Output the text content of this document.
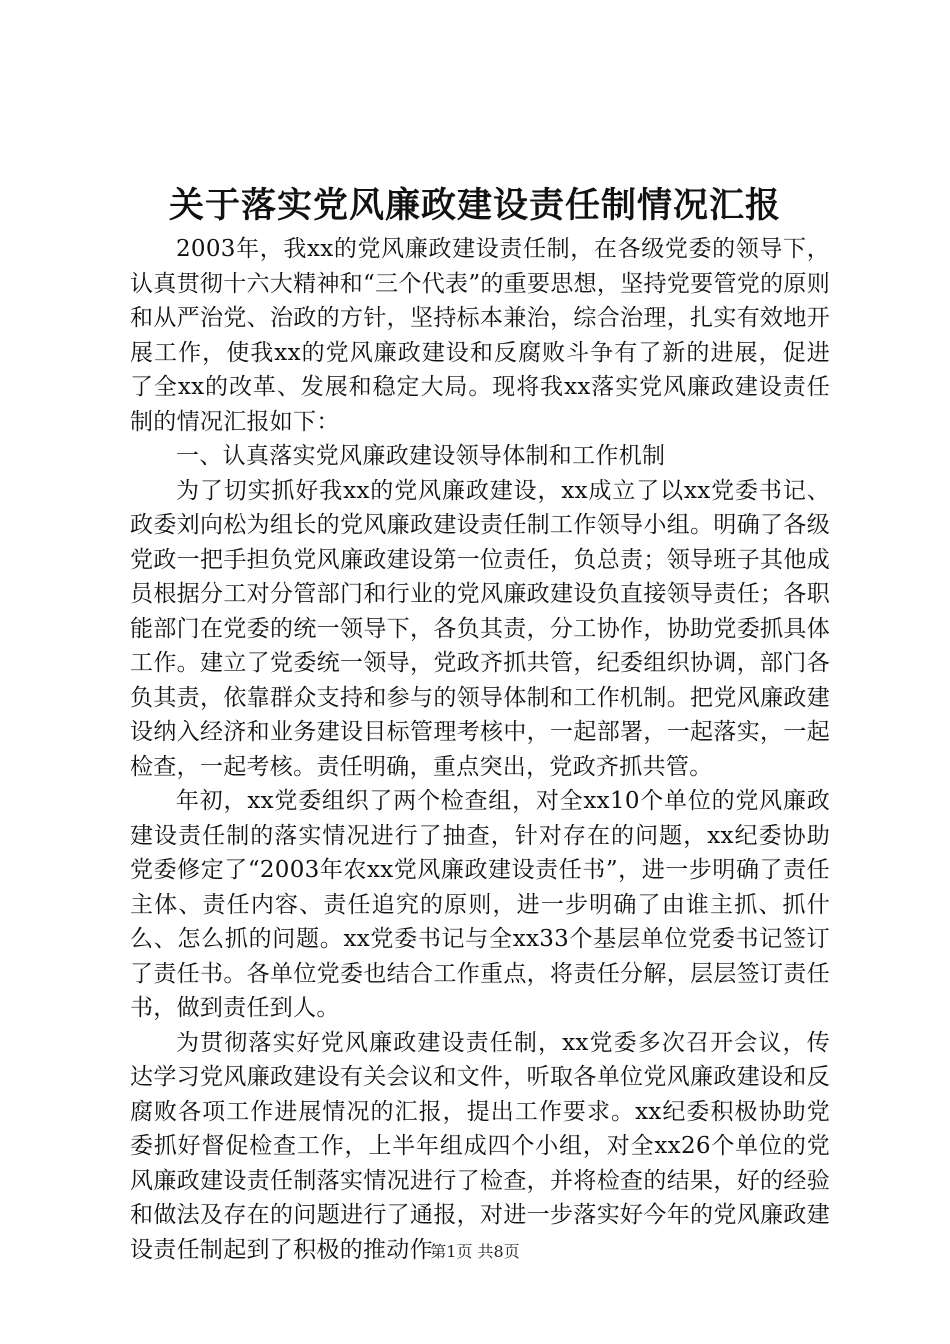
关于落实党风廉政建设责任制情况汇报

2003年，我xx的党风廉政建设责任制，在各级党委的领导下，认真贯彻十六大精神和“三个代表”的重要思想，坚持党要管党的原则和从严治党、治政的方针，坚持标本兼治，综合治理，扎实有效地开展工作，使我xx的党风廉政建设和反腐败斗争有了新的进展，促进了全xx的改革、发展和稳定大局。现将我xx落实党风廉政建设责任制的情况汇报如下：

一、认真落实党风廉政建设领导体制和工作机制

为了切实抓好我xx的党风廉政建设，xx成立了以xx党委书记、政委刘向松为组长的党风廉政建设责任制工作领导小组。明确了各级党政一把手担负党风廉政建设第一位责任，负总责；领导班子其他成员根据分工对分管部门和行业的党风廉政建设负直接领导责任；各职能部门在党委的统一领导下，各负其责，分工协作，协助党委抓具体工作。建立了党委统一领导，党政齐抓共管，纪委组织协调，部门各负其责，依靠群众支持和参与的领导体制和工作机制。把党风廉政建设纳入经济和业务建设目标管理考核中，一起部署，一起落实，一起检查，一起考核。责任明确，重点突出，党政齐抓共管。

年初，xx党委组织了两个检查组，对全xx10个单位的党风廉政建设责任制的落实情况进行了抽查，针对存在的问题，xx纪委协助党委修定了“2003年农xx党风廉政建设责任书”，进一步明确了责任主体、责任内容、责任追究的原则，进一步明确了由谁主抓、抓什么、怎么抓的问题。xx党委书记与全xx33个基层单位党委书记签订了责任书。各单位党委也结合工作重点，将责任分解，层层签订责任书，做到责任到人。

为贯彻落实好党风廉政建设责任制，xx党委多次召开会议，传达学习党风廉政建设有关会议和文件，听取各单位党风廉政建设和反腐败各项工作进展情况的汇报，提出工作要求。xx纪委积极协助党委抓好督促检查工作，上半年组成四个小组，对全xx26个单位的党风廉政建设责任制落实情况进行了检查，并将检查的结果，好的经验和做法及存在的问题进行了通报，对进一步落实好今年的党风廉政建设责任制起到了积极的推动作

第1页 共8页
